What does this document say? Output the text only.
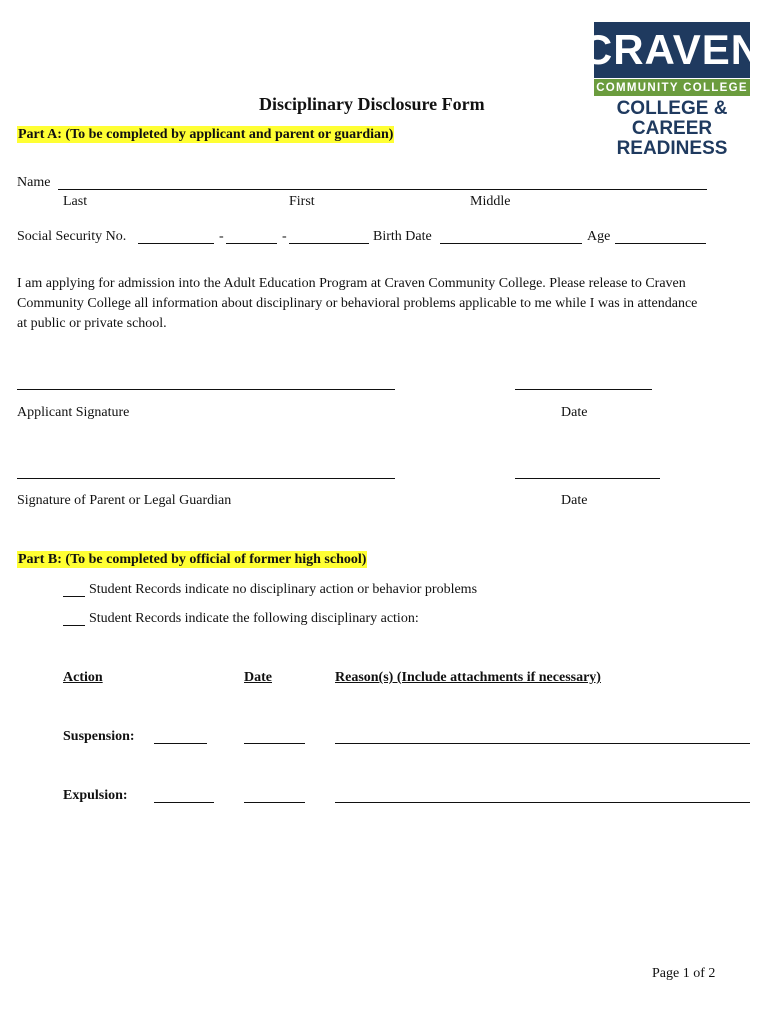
CRAVEN
COMMUNITY COLLEGE
COLLEGE & CAREER
READINESS
Disciplinary Disclosure Form
Part A: (To be completed by applicant and parent or guardian)
Name
Last	First	Middle
Social Security No.	-	-	Birth Date	Age
I am applying for admission into the Adult Education Program at Craven Community College. Please release to Craven
Community College all information about disciplinary or behavioral problems applicable to me while I was in attendance
at public or private school.
Applicant Signature	Date
Signature of Parent or Legal Guardian	Date
Part B: (To be completed by official of former high school)
Student Records indicate no disciplinary action or behavior problems
Student Records indicate the following disciplinary action:
Action	Date	Reason(s) (Include attachments if necessary)
Suspension:
Expulsion:
Page 1 of 2
